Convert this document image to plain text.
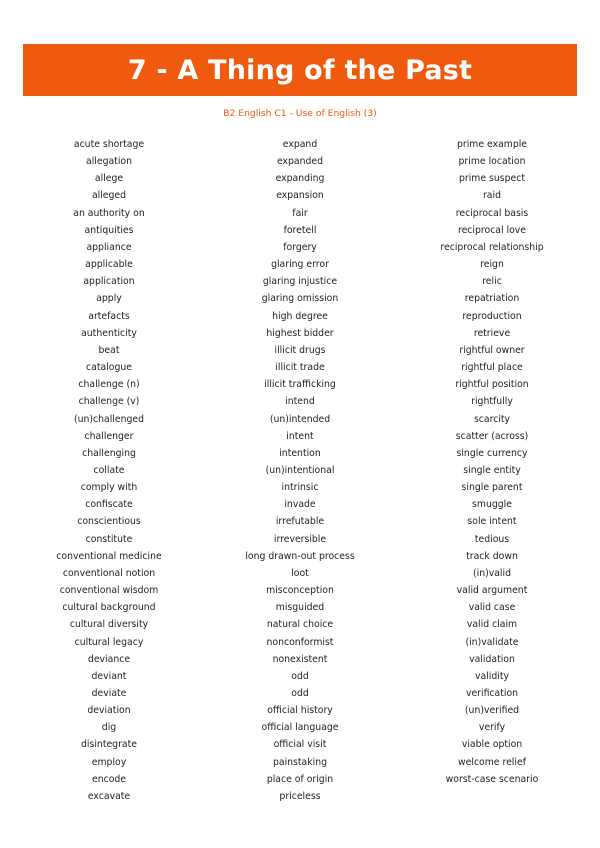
7 - A Thing of the Past
B2 English C1 - Use of English (3)
acute shortage
allegation
allege
alleged
an authority on
antiquities
appliance
applicable
application
apply
artefacts
authenticity
beat
catalogue
challenge (n)
challenge (v)
(un)challenged
challenger
challenging
collate
comply with
confiscate
conscientious
constitute
conventional medicine
conventional notion
conventional wisdom
cultural background
cultural diversity
cultural legacy
deviance
deviant
deviate
deviation
dig
disintegrate
employ
encode
excavate
expand
expanded
expanding
expansion
fair
foretell
forgery
glaring error
glaring injustice
glaring omission
high degree
highest bidder
illicit drugs
illicit trade
illicit trafficking
intend
(un)intended
intent
intention
(un)intentional
intrinsic
invade
irrefutable
irreversible
long drawn-out process
loot
misconception
misguided
natural choice
nonconformist
nonexistent
odd
odd
official history
official language
official visit
painstaking
place of origin
priceless
prime example
prime location
prime suspect
raid
reciprocal basis
reciprocal love
reciprocal relationship
reign
relic
repatriation
reproduction
retrieve
rightful owner
rightful place
rightful position
rightfully
scarcity
scatter (across)
single currency
single entity
single parent
smuggle
sole intent
tedious
track down
(in)valid
valid argument
valid case
valid claim
(in)validate
validation
validity
verification
(un)verified
verify
viable option
welcome relief
worst-case scenario
